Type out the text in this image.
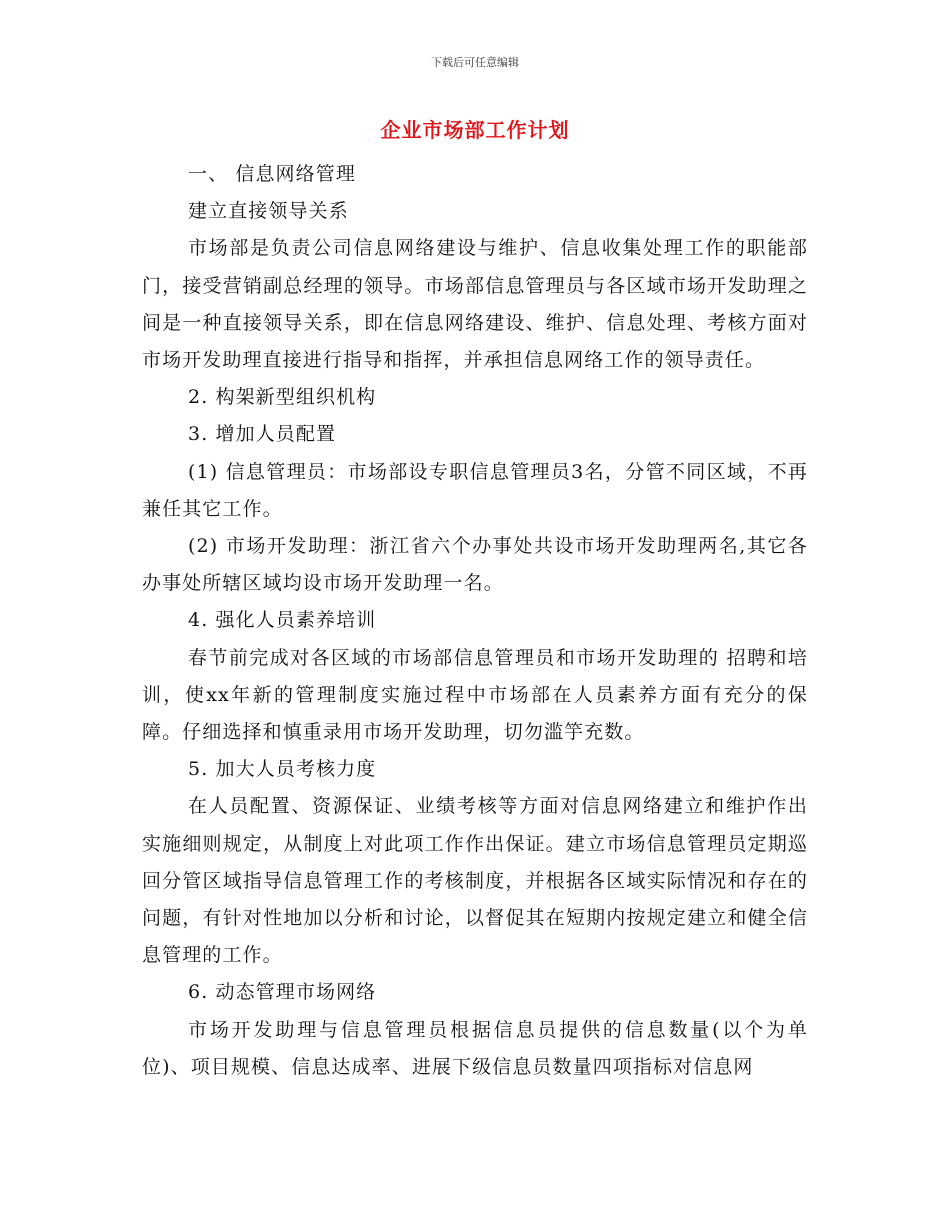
下载后可任意编辑
企业市场部工作计划

一、 信息网络管理

建立直接领导关系

市场部是负责公司信息网络建设与维护、信息收集处理工作的职能部门，接受营销副总经理的领导。市场部信息管理员与各区域市场开发助理之间是一种直接领导关系，即在信息网络建设、维护、信息处理、考核方面对市场开发助理直接进行指导和指挥，并承担信息网络工作的领导责任。

2. 构架新型组织机构

3. 增加人员配置

(1) 信息管理员：市场部设专职信息管理员3名，分管不同区域，不再兼任其它工作。

(2) 市场开发助理：浙江省六个办事处共设市场开发助理两名,其它各办事处所辖区域均设市场开发助理一名。

4. 强化人员素养培训

春节前完成对各区域的市场部信息管理员和市场开发助理的 招聘和培训，使xx年新的管理制度实施过程中市场部在人员素养方面有充分的保障。仔细选择和慎重录用市场开发助理，切勿滥竽充数。

5. 加大人员考核力度

在人员配置、资源保证、业绩考核等方面对信息网络建立和维护作出实施细则规定，从制度上对此项工作作出保证。建立市场信息管理员定期巡回分管区域指导信息管理工作的考核制度，并根据各区域实际情况和存在的问题，有针对性地加以分析和讨论，以督促其在短期内按规定建立和健全信息管理的工作。

6. 动态管理市场网络

市场开发助理与信息管理员根据信息员提供的信息数量(以个为单位)、项目规模、信息达成率、进展下级信息员数量四项指标对信息网
